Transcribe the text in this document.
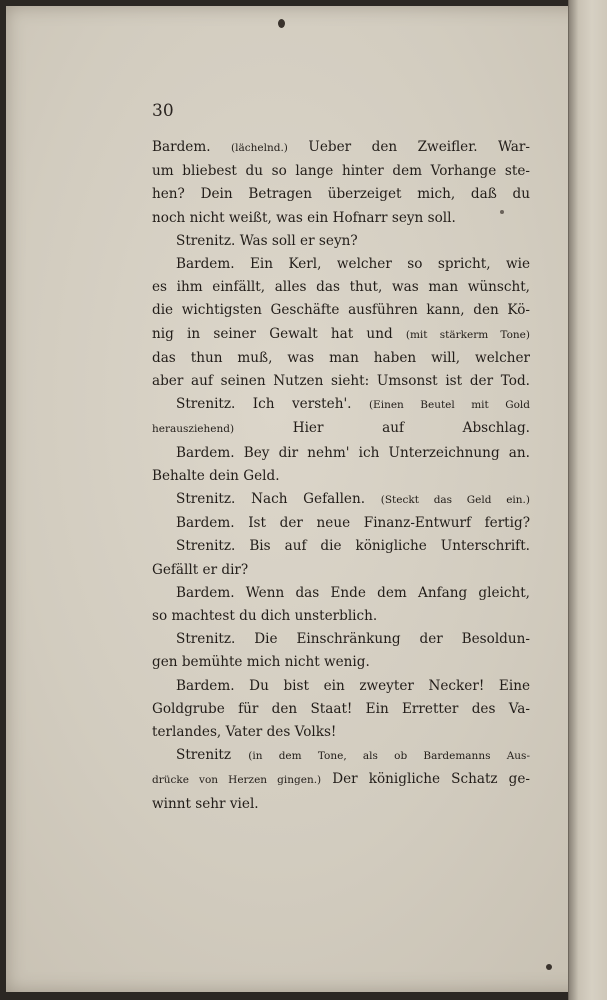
30
Bardem. (lächelnd.) Ueber den Zweifler. War-
um bliebest du so lange hinter dem Vorhange ste-
hen? Dein Betragen überzeiget mich, daß du
noch nicht weißt, was ein Hofnarr seyn soll.
Strenitz. Was soll er seyn?
Bardem. Ein Kerl, welcher so spricht, wie
es ihm einfällt, alles das thut, was man wünscht,
die wichtigsten Geschäfte ausführen kann, den Kö-
nig in seiner Gewalt hat und (mit stärkerm Tone)
das thun muß, was man haben will, welcher
aber auf seinen Nutzen sieht: Umsonst ist der Tod.
Strenitz. Ich versteh'. (Einen Beutel mit Gold
herausziehend) Hier auf Abschlag.
Bardem. Bey dir nehm' ich Unterzeichnung an.
Behalte dein Geld.
Strenitz. Nach Gefallen. (Steckt das Geld ein.)
Bardem. Ist der neue Finanz-Entwurf fertig?
Strenitz. Bis auf die königliche Unterschrift.
Gefällt er dir?
Bardem. Wenn das Ende dem Anfang gleicht,
so machtest du dich unsterblich.
Strenitz. Die Einschränkung der Besoldun-
gen bemühte mich nicht wenig.
Bardem. Du bist ein zweyter Necker! Eine
Goldgrube für den Staat! Ein Erretter des Va-
terlandes, Vater des Volks!
Strenitz (in dem Tone, als ob Bardemanns Aus-
drücke von Herzen gingen.) Der königliche Schatz ge-
winnt sehr viel.
